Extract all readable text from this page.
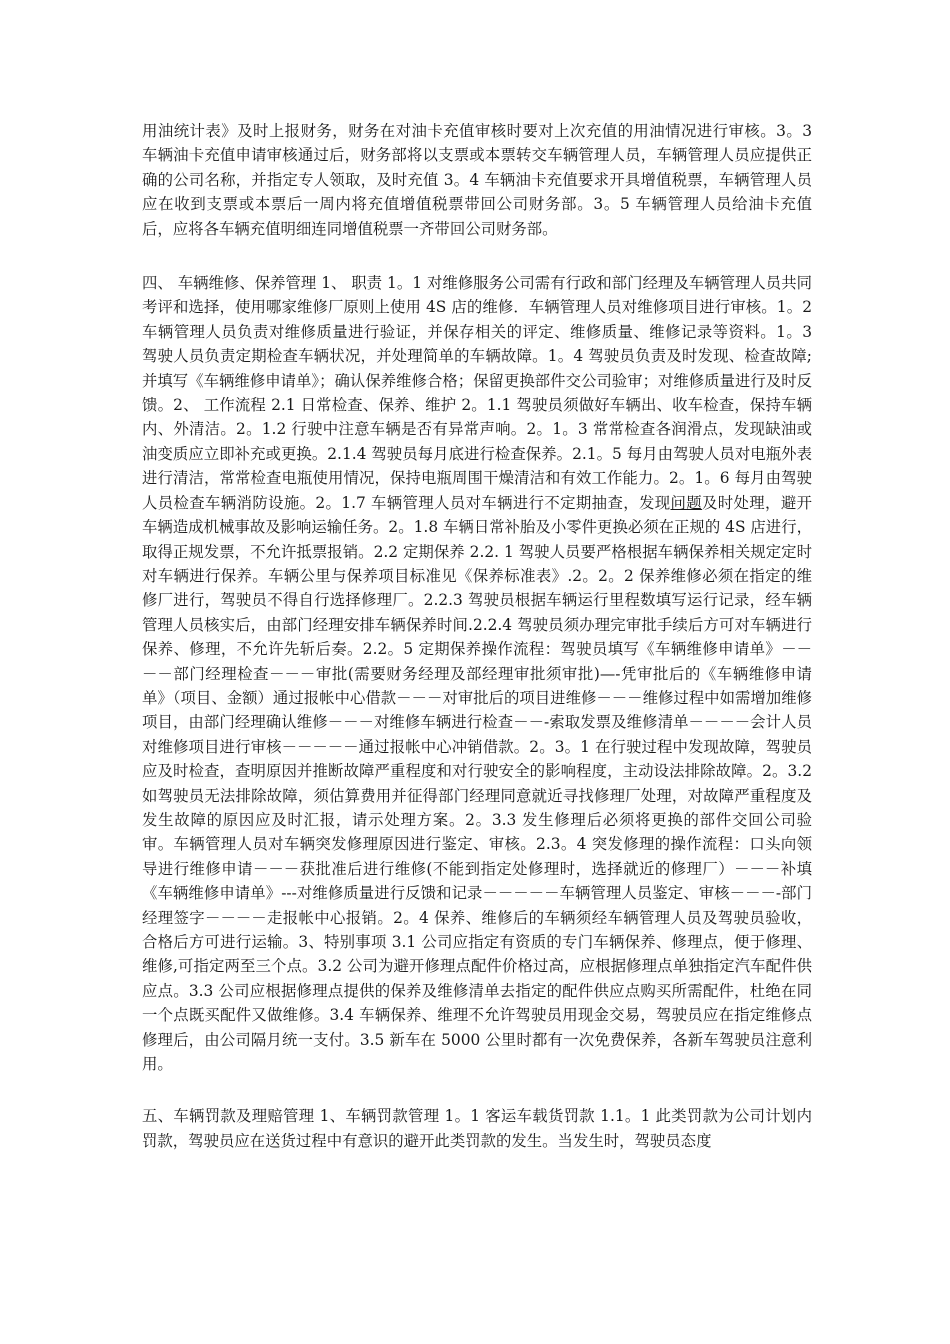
用油统计表》及时上报财务，财务在对油卡充值审核时要对上次充值的用油情况进行审核。3。3 车辆油卡充值申请审核通过后，财务部将以支票或本票转交车辆管理人员，车辆管理人员应提供正确的公司名称，并指定专人领取，及时充值 3。4 车辆油卡充值要求开具增值税票，车辆管理人员应在收到支票或本票后一周内将充值增值税票带回公司财务部。3。5 车辆管理人员给油卡充值后，应将各车辆充值明细连同增值税票一齐带回公司财务部。

四、 车辆维修、保养管理 1、 职责 1。1 对维修服务公司需有行政和部门经理及车辆管理人员共同考评和选择，使用哪家维修厂原则上使用 4S 店的维修．车辆管理人员对维修项目进行审核。1。2 车辆管理人员负责对维修质量进行验证，并保存相关的评定、维修质量、维修记录等资料。1。3 驾驶人员负责定期检查车辆状况，并处理简单的车辆故障。1。4 驾驶员负责及时发现、检查故障;并填写《车辆维修申请单》；确认保养维修合格；保留更换部件交公司验审；对维修质量进行及时反馈。2、 工作流程 2.1 日常检查、保养、维护 2。1.1 驾驶员须做好车辆出、收车检查，保持车辆内、外清洁。2。1.2 行驶中注意车辆是否有异常声响。2。1。3 常常检查各润滑点，发现缺油或油变质应立即补充或更换。2.1.4 驾驶员每月底进行检查保养。2.1。5 每月由驾驶人员对电瓶外表进行清洁，常常检查电瓶使用情况，保持电瓶周围干燥清洁和有效工作能力。2。1。6 每月由驾驶人员检查车辆消防设施。2。1.7 车辆管理人员对车辆进行不定期抽查，发现问题及时处理，避开车辆造成机械事故及影响运输任务。2。1.8 车辆日常补胎及小零件更换必须在正规的 4S 店进行，取得正规发票，不允许抵票报销。2.2 定期保养 2.2. 1 驾驶人员要严格根据车辆保养相关规定定时对车辆进行保养。车辆公里与保养项目标准见《保养标准表》.2。2。2 保养维修必须在指定的维修厂进行，驾驶员不得自行选择修理厂。2.2.3 驾驶员根据车辆运行里程数填写运行记录，经车辆管理人员核实后，由部门经理安排车辆保养时间.2.2.4 驾驶员须办理完审批手续后方可对车辆进行保养、修理，不允许先斩后奏。2.2。5 定期保养操作流程：驾驶员填写《车辆维修申请单》－－－－部门经理检查－－－审批(需要财务经理及部经理审批须审批)—-凭审批后的《车辆维修申请单》（项目、金额）通过报帐中心借款－－－对审批后的项目进维修－－－维修过程中如需增加维修项目，由部门经理确认维修－－－对维修车辆进行检查－－-索取发票及维修清单－－－－会计人员对维修项目进行审核－－－－－通过报帐中心冲销借款。2。3。1 在行驶过程中发现故障，驾驶员应及时检查，查明原因并推断故障严重程度和对行驶安全的影响程度，主动设法排除故障。2。3.2 如驾驶员无法排除故障，须估算费用并征得部门经理同意就近寻找修理厂处理，对故障严重程度及发生故障的原因应及时汇报，请示处理方案。2。3.3 发生修理后必须将更换的部件交回公司验审。车辆管理人员对车辆突发修理原因进行鉴定、审核。2.3。4 突发修理的操作流程：口头向领导进行维修申请－－－获批准后进行维修(不能到指定处修理时，选择就近的修理厂）－－－补填《车辆维修申请单》---对维修质量进行反馈和记录－－－－－车辆管理人员鉴定、审核－－－-部门经理签字－－－－走报帐中心报销。2。4 保养、维修后的车辆须经车辆管理人员及驾驶员验收，合格后方可进行运输。3、特别事项 3.1 公司应指定有资质的专门车辆保养、修理点，便于修理、维修,可指定两至三个点。3.2 公司为避开修理点配件价格过高，应根据修理点单独指定汽车配件供应点。3.3 公司应根据修理点提供的保养及维修清单去指定的配件供应点购买所需配件，杜绝在同一个点既买配件又做维修。3.4 车辆保养、维理不允许驾驶员用现金交易，驾驶员应在指定维修点修理后，由公司隔月统一支付。3.5 新车在 5000 公里时都有一次免费保养，各新车驾驶员注意利用。

五、车辆罚款及理赔管理 1、车辆罚款管理 1。1 客运车载货罚款 1.1。1 此类罚款为公司计划内罚款，驾驶员应在送货过程中有意识的避开此类罚款的发生。当发生时，驾驶员态度
